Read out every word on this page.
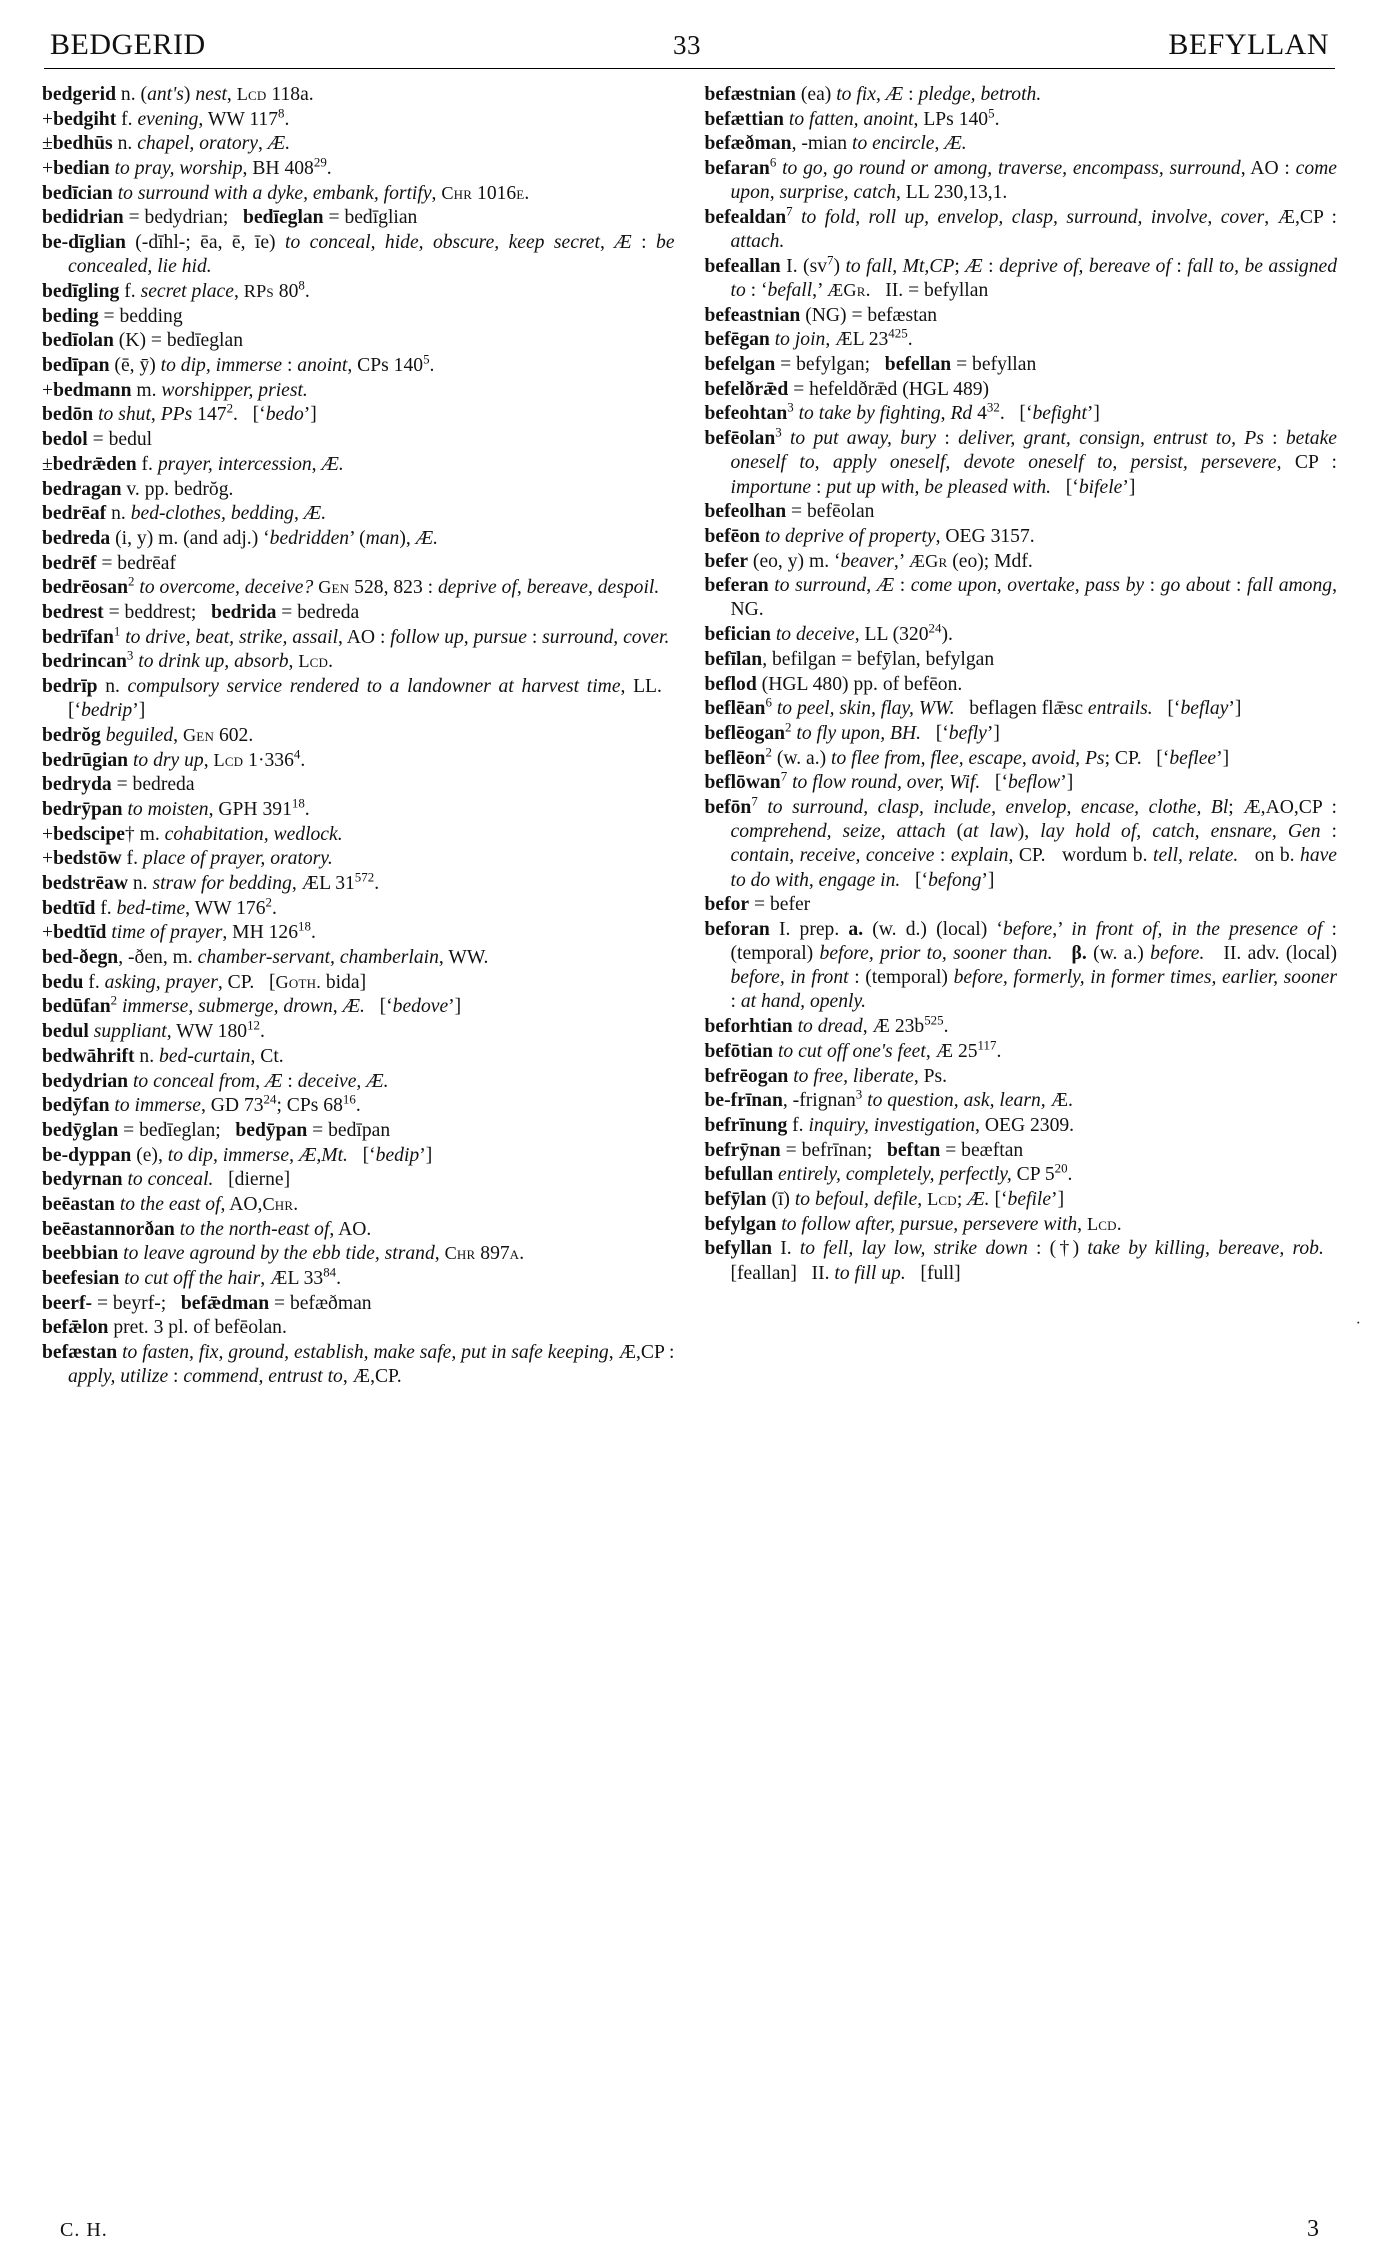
BEDGERID	33	BEFYLLAN

bedgerid n. (ant's) nest, Lcd 118a.

+bedgiht f. evening, WW $117^8$.

±bedhūs n. chapel, oratory, Æ.

+bedian to pray, worship, BH $408^{29}$.

bedīcian to surround with a dyke, embank, fortify, Chr 1016e.

bedidrian = bedydrian;   bedīeglan = bedīglian

be-dīglian (-dīhl-; ēa, ē, īe) to conceal, hide, obscure, keep secret, Æ : be concealed, lie hid.

bedīgling f. secret place, RPs $80^8$.

beding = bedding

bedīolan (K) = bedīeglan

bedīpan (ē, ȳ) to dip, immerse : anoint, CPs $140^5$.

+bedmann m. worshipper, priest.

bedōn to shut, PPs $147^2$.   [‘bedo’]

bedol = bedul

±bedrǣden f. prayer, intercession, Æ.

bedragan v. pp. bedrŏg.

bedrēaf n. bed-clothes, bedding, Æ.

bedreda (i, y) m. (and adj.) ‘bedridden’ (man), Æ.

bedrēf = bedrēaf

bedrēosan$^2$ to overcome, deceive? Gen 528, 823 : deprive of, bereave, despoil.

bedrest = beddrest;   bedrida = bedreda

bedrīfan$^1$ to drive, beat, strike, assail, AO : follow up, pursue : surround, cover.

bedrincan$^3$ to drink up, absorb, Lcd.

bedrīp n. compulsory service rendered to a landowner at harvest time, LL.   [‘bedrip’]

bedrŏg beguiled, Gen 602.

bedrūgian to dry up, Lcd $1\cdot 336^4$.

bedryda = bedreda

bedrȳpan to moisten, GPH $391^{18}$.

+bedscipe† m. cohabitation, wedlock.

+bedstōw f. place of prayer, oratory.

bedstrēaw n. straw for bedding, ÆL $31^{572}$.

bedtīd f. bed-time, WW $176^2$.

+bedtīd time of prayer, MH $126^{18}$.

bed-ðegn, -ðen, m. chamber-servant, chamberlain, WW.

bedu f. asking, prayer, CP.   [Goth. bida]

bedūfan$^2$ immerse, submerge, drown, Æ.   [‘bedove’]

bedul suppliant, WW $180^{12}$.

bedwāhrift n. bed-curtain, Ct.

bedydrian to conceal from, Æ : deceive, Æ.

bedȳfan to immerse, GD $73^{24}$; CPs $68^{16}$.

bedȳglan = bedīeglan;   bedȳpan = bedīpan

be-dyppan (e), to dip, immerse, Æ,Mt.   [‘bedip’]

bedyrnan to conceal.   [dierne]

beēastan to the east of, AO,Chr.

beēastannorðan to the north-east of, AO.

beebbian to leave aground by the ebb tide, strand, Chr 897a.

beefesian to cut off the hair, ÆL $33^{84}$.

beerf- = beyrf-;   befǣdman = befæðman

befǣlon pret. 3 pl. of befēolan.

befæstan to fasten, fix, ground, establish, make safe, put in safe keeping, Æ,CP : apply, utilize : commend, entrust to, Æ,CP.

befæstnian (ea) to fix, Æ : pledge, betroth.

befættian to fatten, anoint, LPs $140^5$.

befæðman, -mian to encircle, Æ.

befaran$^6$ to go, go round or among, traverse, encompass, surround, AO : come upon, surprise, catch, LL 230,13,1.

befealdan$^7$ to fold, roll up, envelop, clasp, surround, involve, cover, Æ,CP : attach.

befeallan I. $(sv^7)$ to fall, Mt,CP; Æ : deprive of, bereave of : fall to, be assigned to : ‘befall,’ ÆGr.   II. = befyllan

befeastnian (NG) = befæstan

befēgan to join, ÆL $23^{425}$.

befelgan = befylgan;   befellan = befyllan

befelðrǣd = hefeldðrǣd (HGL 489)

befeohtan$^3$ to take by fighting, Rd $4^{32}$.   [‘befight’]

befēolan$^3$ to put away, bury : deliver, grant, consign, entrust to, Ps : betake oneself to, apply oneself, devote oneself to, persist, persevere, CP : importune : put up with, be pleased with.   [‘bifele’]

befeolhan = befēolan

befēon to deprive of property, OEG 3157.

befer (eo, y) m. ‘beaver,’ ÆGr (eo); Mdf.

beferan to surround, Æ : come upon, overtake, pass by : go about : fall among, NG.

befician to deceive, LL $(320^{24})$.

befīlan, befilgan = befȳlan, befylgan

beflod (HGL 480) pp. of befēon.

beflēan$^6$ to peel, skin, flay, WW.   beflagen flǣsc entrails.   [‘beflay’]

beflēogan$^2$ to fly upon, BH.   [‘befly’]

beflēon$^2$ (w. a.) to flee from, flee, escape, avoid, Ps; CP.   [‘beflee’]

beflōwan$^7$ to flow round, over, Wif.   [‘beflow’]

befōn$^7$ to surround, clasp, include, envelop, encase, clothe, Bl; Æ,AO,CP : comprehend, seize, attach (at law), lay hold of, catch, ensnare, Gen : contain, receive, conceive : explain, CP.   wordum b. tell, relate.   on b. have to do with, engage in.   [‘befong’]

befor = befer

beforan I. prep. a. (w. d.) (local) ‘before,’ in front of, in the presence of : (temporal) before, prior to, sooner than. β. (w. a.) before.   II. adv. (local) before, in front : (temporal) before, formerly, in former times, earlier, sooner : at hand, openly.

beforhtian to dread, Æ $23b^{525}$.

befōtian to cut off one's feet, Æ $25^{117}$.

befrēogan to free, liberate, Ps.

be-frīnan, -frignan$^3$ to question, ask, learn, Æ.

befrīnung f. inquiry, investigation, OEG 2309.

befrȳnan = befrīnan;   beftan = beæftan

befullan entirely, completely, perfectly, CP $5^{20}$.

befȳlan (ī) to befoul, defile, Lcd; Æ. [‘befile’]

befylgan to follow after, pursue, persevere with, Lcd.

befyllan I. to fell, lay low, strike down : (†) take by killing, bereave, rob.   [feallan]   II. to fill up.   [full]

·
C. H.	3
